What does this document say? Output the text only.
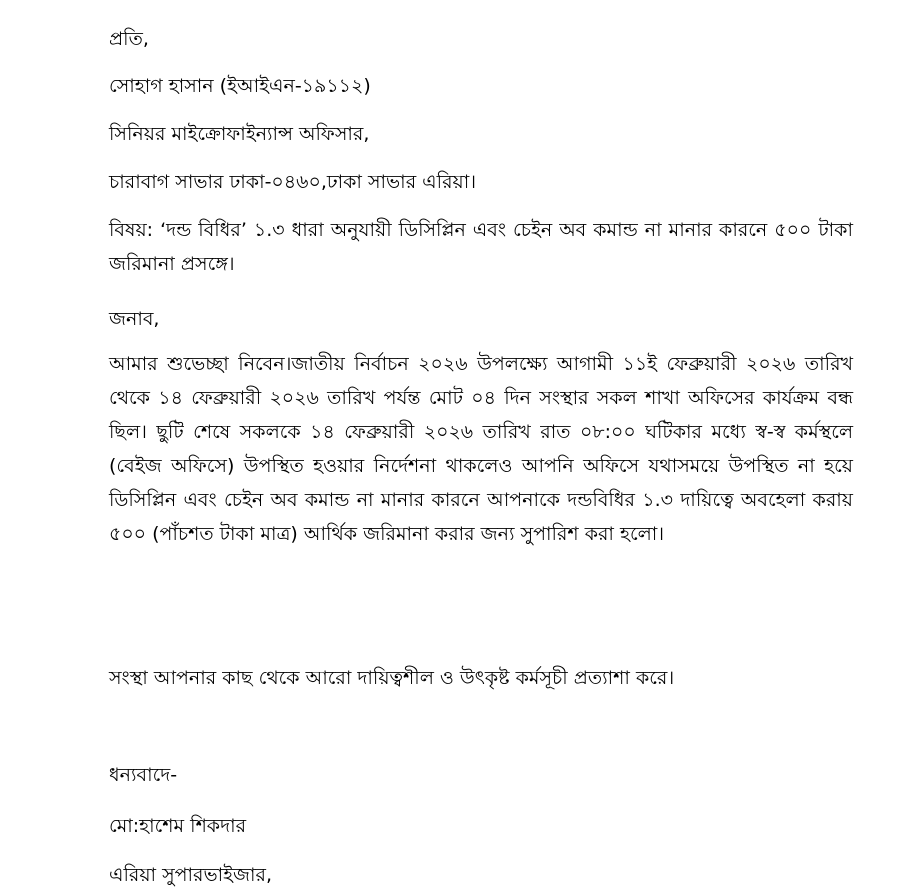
প্রতি,
সোহাগ হাসান (ইআইএন-১৯১১২)
সিনিয়র মাইক্রোফাইন্যান্স অফিসার,
চারাবাগ সাভার ঢাকা-০৪৬০,ঢাকা সাভার এরিয়া।
বিষয়: ‘দন্ড বিধির’ ১.৩ ধারা অনুযায়ী ডিসিপ্লিন এবং চেইন অব কমান্ড না মানার কারনে ৫০০ টাকা জরিমানা প্রসঙ্গে।
জনাব,
আমার শুভেচ্ছা নিবেন।জাতীয় নির্বাচন ২০২৬ উপলক্ষ্যে আগামী ১১ই ফেব্রুয়ারী ২০২৬ তারিখ থেকে ১৪ ফেব্রুয়ারী ২০২৬ তারিখ পর্যন্ত মোট ০৪ দিন সংস্থার সকল শাখা অফিসের কার্যক্রম বন্ধ ছিল। ছুটি শেষে সকলকে ১৪ ফেব্রুয়ারী ২০২৬ তারিখ রাত ০৮:০০ ঘটিকার মধ্যে স্ব-স্ব কর্মস্থলে (বেইজ অফিসে) উপস্থিত হওয়ার নির্দেশনা থাকলেও আপনি অফিসে যথাসময়ে উপস্থিত না হয়ে ডিসিপ্লিন এবং চেইন অব কমান্ড না মানার কারনে আপনাকে দন্ডবিধির ১.৩ দায়িত্বে অবহেলা করায় ৫০০ (পাঁচশত টাকা মাত্র) আর্থিক জরিমানা করার জন্য সুপারিশ করা হলো।
সংস্থা আপনার কাছ থেকে আরো দায়িত্বশীল ও উৎকৃষ্ট কর্মসূচী প্রত্যাশা করে।
ধন্যবাদে-
মো:হাশেম শিকদার
এরিয়া সুপারভাইজার,
